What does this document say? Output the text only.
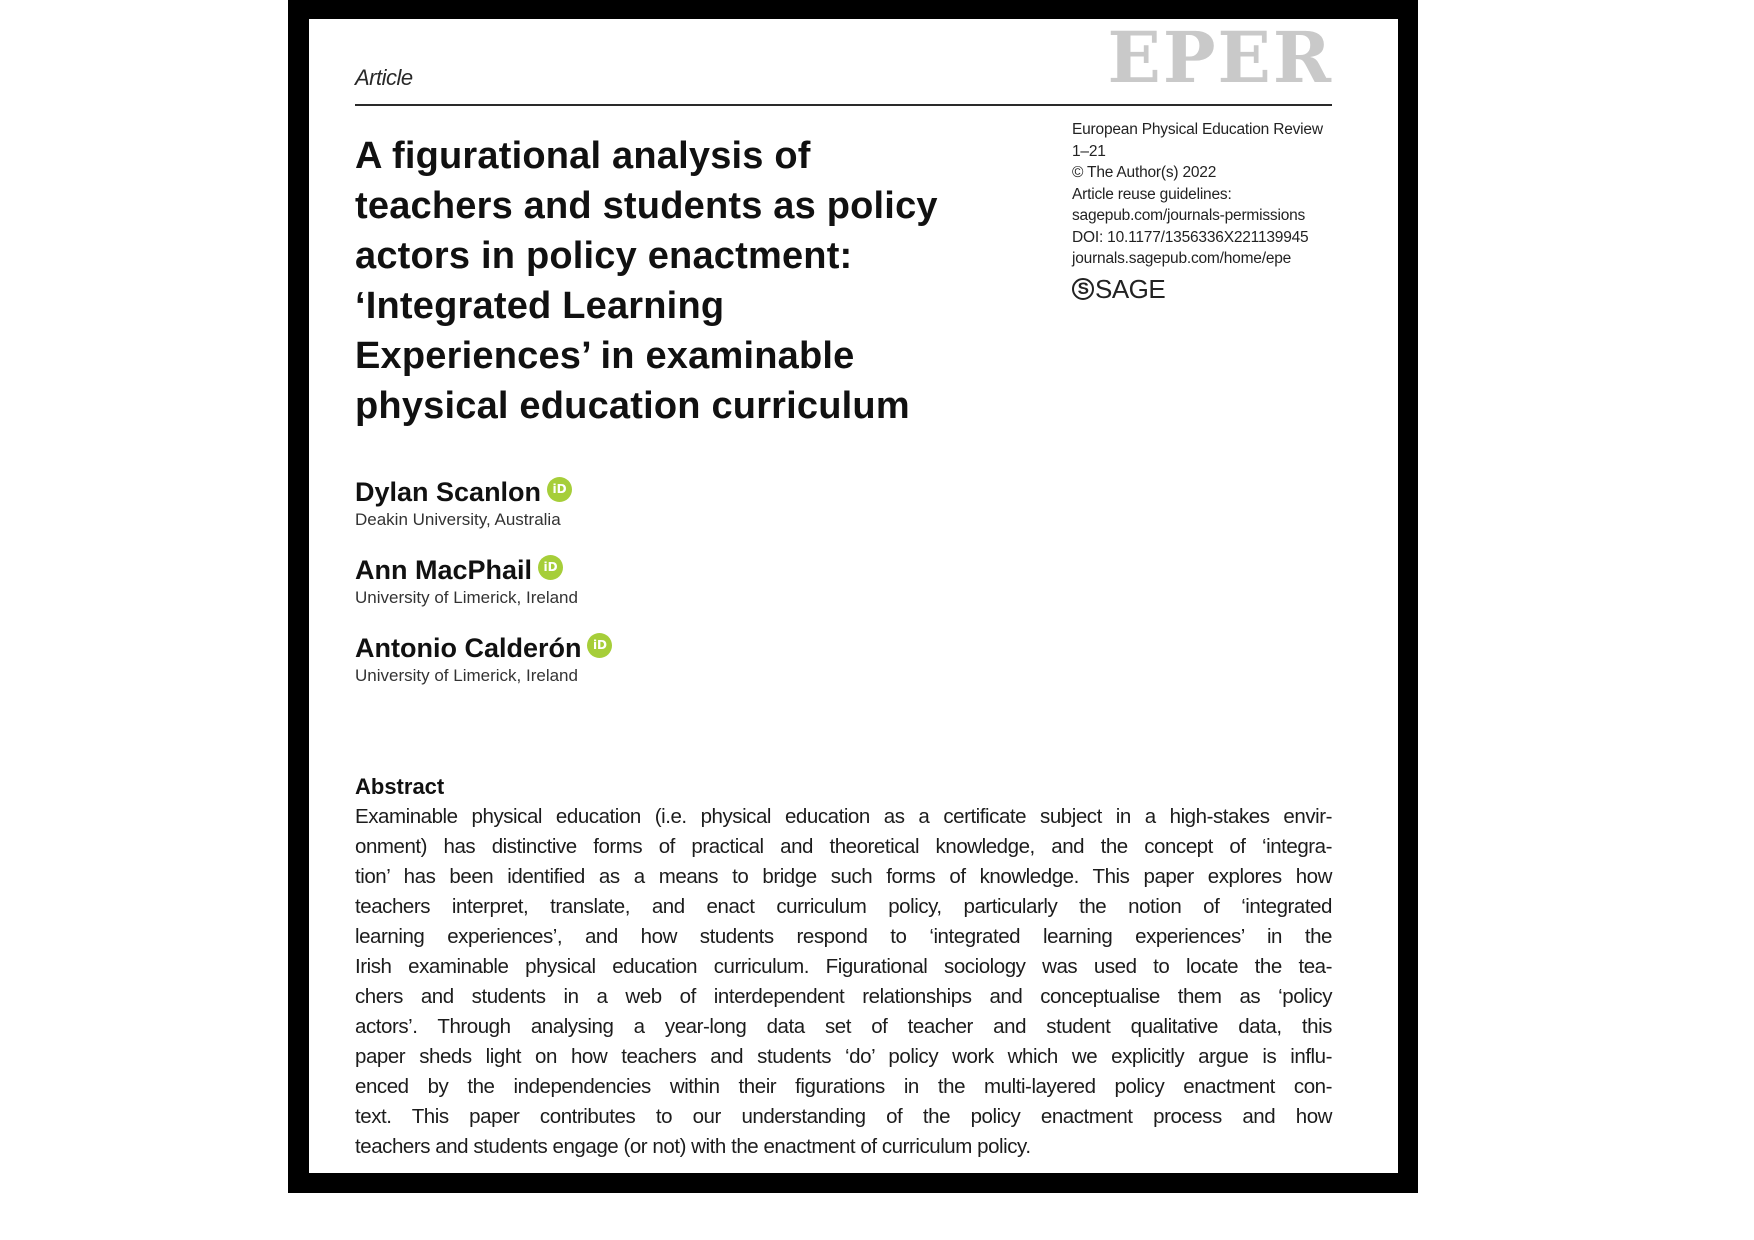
Article	EPER
European Physical Education Review
1–21
© The Author(s) 2022
Article reuse guidelines:
sagepub.com/journals-permissions
DOI: 10.1177/1356336X221139945
journals.sagepub.com/home/epe
S SAGE
A figurational analysis of
teachers and students as policy
actors in policy enactment:
‘Integrated Learning
Experiences’ in examinable
physical education curriculum
Dylan Scanlon iD
Deakin University, Australia
Ann MacPhail iD
University of Limerick, Ireland
Antonio Calderón iD
University of Limerick, Ireland
Abstract
Examinable physical education (i.e. physical education as a certificate subject in a high-stakes envir-
onment) has distinctive forms of practical and theoretical knowledge, and the concept of ‘integra-
tion’ has been identified as a means to bridge such forms of knowledge. This paper explores how
teachers interpret, translate, and enact curriculum policy, particularly the notion of ‘integrated
learning experiences’, and how students respond to ‘integrated learning experiences’ in the
Irish examinable physical education curriculum. Figurational sociology was used to locate the tea-
chers and students in a web of interdependent relationships and conceptualise them as ‘policy
actors’. Through analysing a year-long data set of teacher and student qualitative data, this
paper sheds light on how teachers and students ‘do’ policy work which we explicitly argue is influ-
enced by the independencies within their figurations in the multi-layered policy enactment con-
text. This paper contributes to our understanding of the policy enactment process and how
teachers and students engage (or not) with the enactment of curriculum policy.
